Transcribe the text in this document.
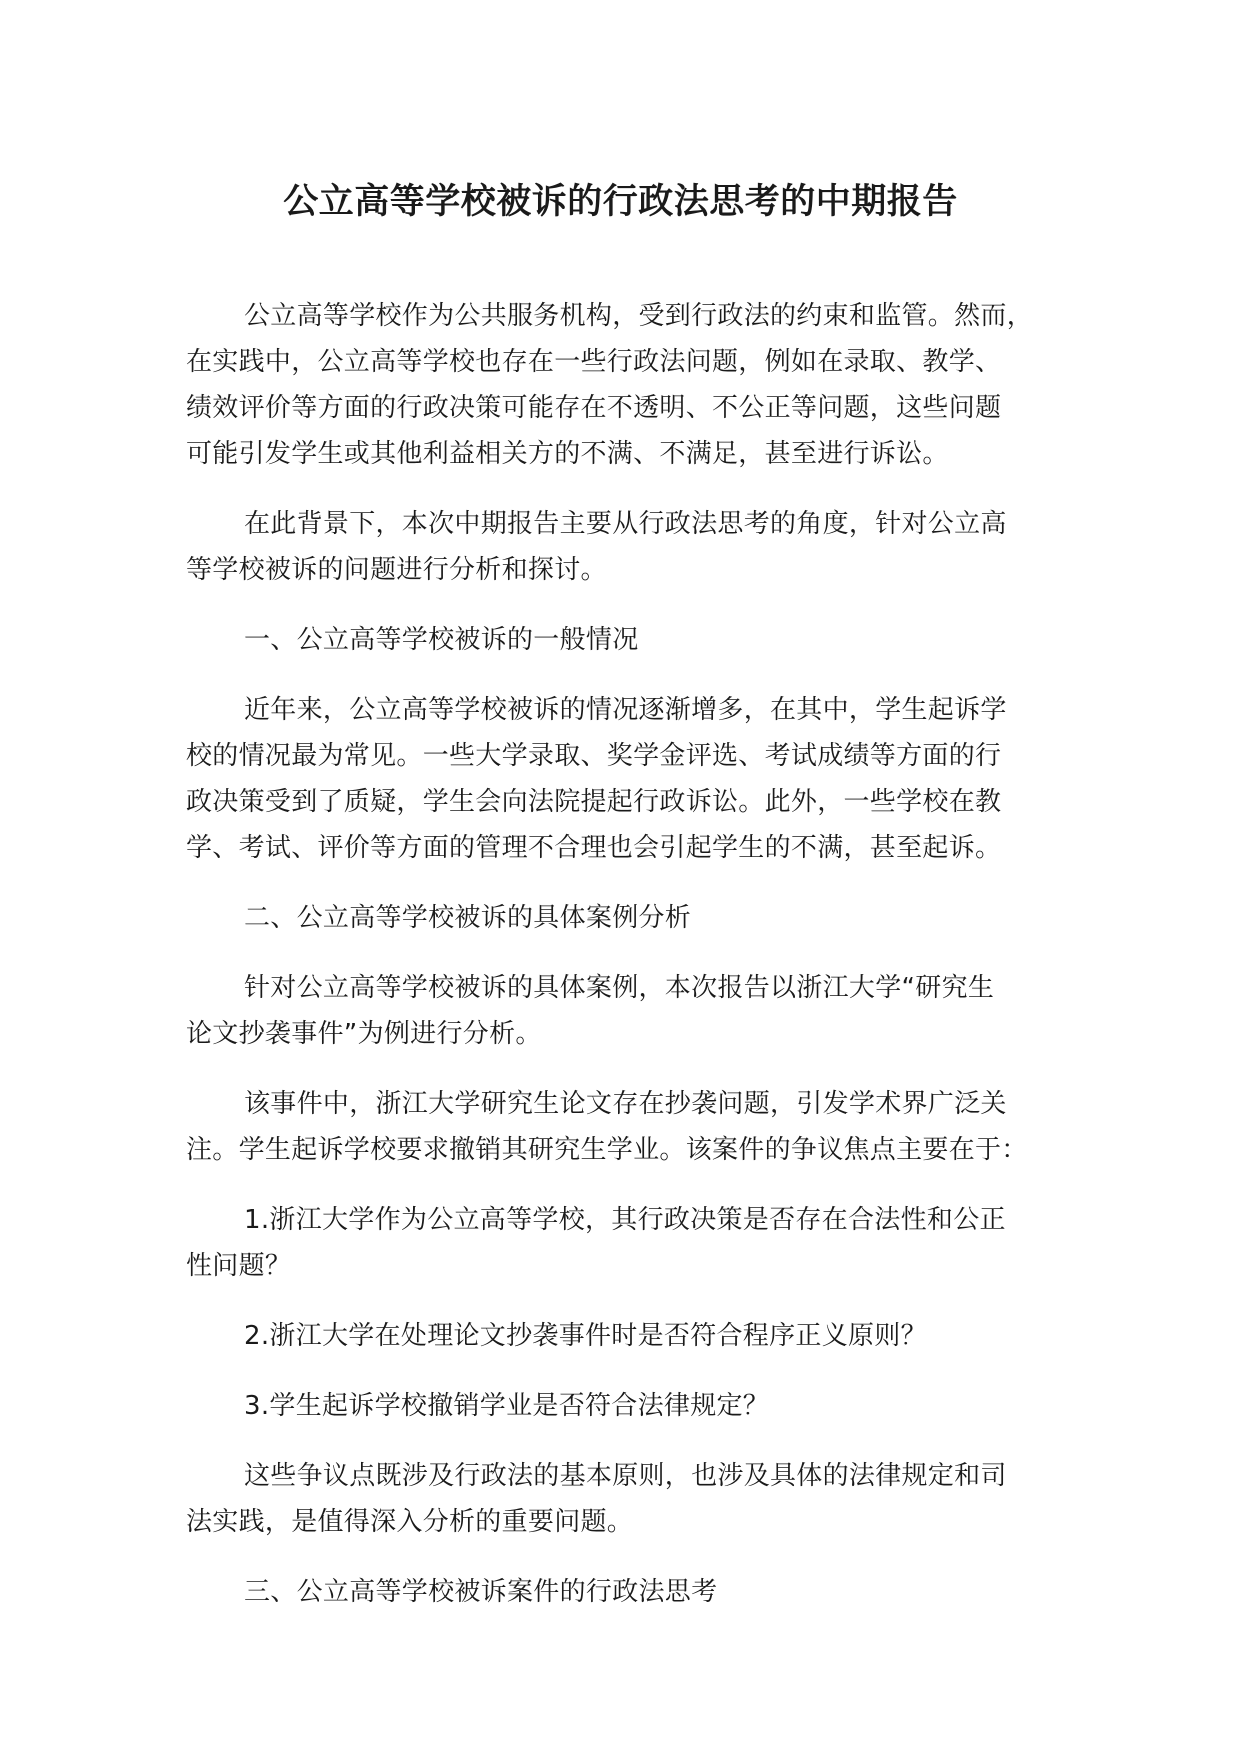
公立高等学校被诉的行政法思考的中期报告

公立高等学校作为公共服务机构，受到行政法的约束和监管。然而，
在实践中，公立高等学校也存在一些行政法问题，例如在录取、教学、
绩效评价等方面的行政决策可能存在不透明、不公正等问题，这些问题
可能引发学生或其他利益相关方的不满、不满足，甚至进行诉讼。

在此背景下，本次中期报告主要从行政法思考的角度，针对公立高
等学校被诉的问题进行分析和探讨。

一、公立高等学校被诉的一般情况

近年来，公立高等学校被诉的情况逐渐增多，在其中，学生起诉学
校的情况最为常见。一些大学录取、奖学金评选、考试成绩等方面的行
政决策受到了质疑，学生会向法院提起行政诉讼。此外，一些学校在教
学、考试、评价等方面的管理不合理也会引起学生的不满，甚至起诉。

二、公立高等学校被诉的具体案例分析

针对公立高等学校被诉的具体案例，本次报告以浙江大学“研究生
论文抄袭事件”为例进行分析。

该事件中，浙江大学研究生论文存在抄袭问题，引发学术界广泛关
注。学生起诉学校要求撤销其研究生学业。该案件的争议焦点主要在于：

1.浙江大学作为公立高等学校，其行政决策是否存在合法性和公正
性问题？

2.浙江大学在处理论文抄袭事件时是否符合程序正义原则？

3.学生起诉学校撤销学业是否符合法律规定？

这些争议点既涉及行政法的基本原则，也涉及具体的法律规定和司
法实践，是值得深入分析的重要问题。

三、公立高等学校被诉案件的行政法思考
